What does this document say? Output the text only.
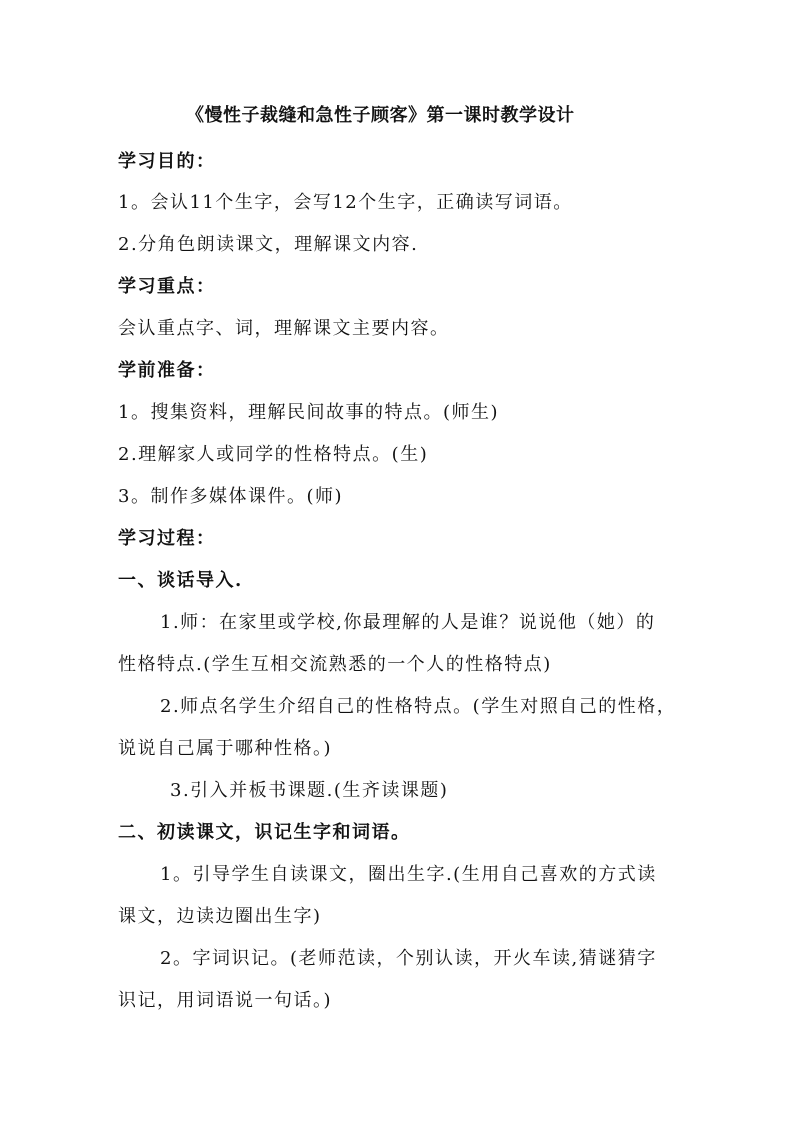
《慢性子裁缝和急性子顾客》第一课时教学设计
学习目的：
1。会认11个生字，会写12个生字，正确读写词语。
2.分角色朗读课文，理解课文内容.
学习重点：
会认重点字、词，理解课文主要内容。
学前准备：
1。搜集资料，理解民间故事的特点。(师生)
2.理解家人或同学的性格特点。(生)
3。制作多媒体课件。(师)
学习过程：
一、谈话导入.
1.师：在家里或学校,你最理解的人是谁？说说他（她）的
性格特点.(学生互相交流熟悉的一个人的性格特点)
2.师点名学生介绍自己的性格特点。(学生对照自己的性格，
说说自己属于哪种性格。)
3.引入并板书课题.(生齐读课题)
二、初读课文，识记生字和词语。
1。引导学生自读课文，圈出生字.(生用自己喜欢的方式读
课文，边读边圈出生字)
2。字词识记。(老师范读，个别认读，开火车读,猜谜猜字
识记，用词语说一句话。)
